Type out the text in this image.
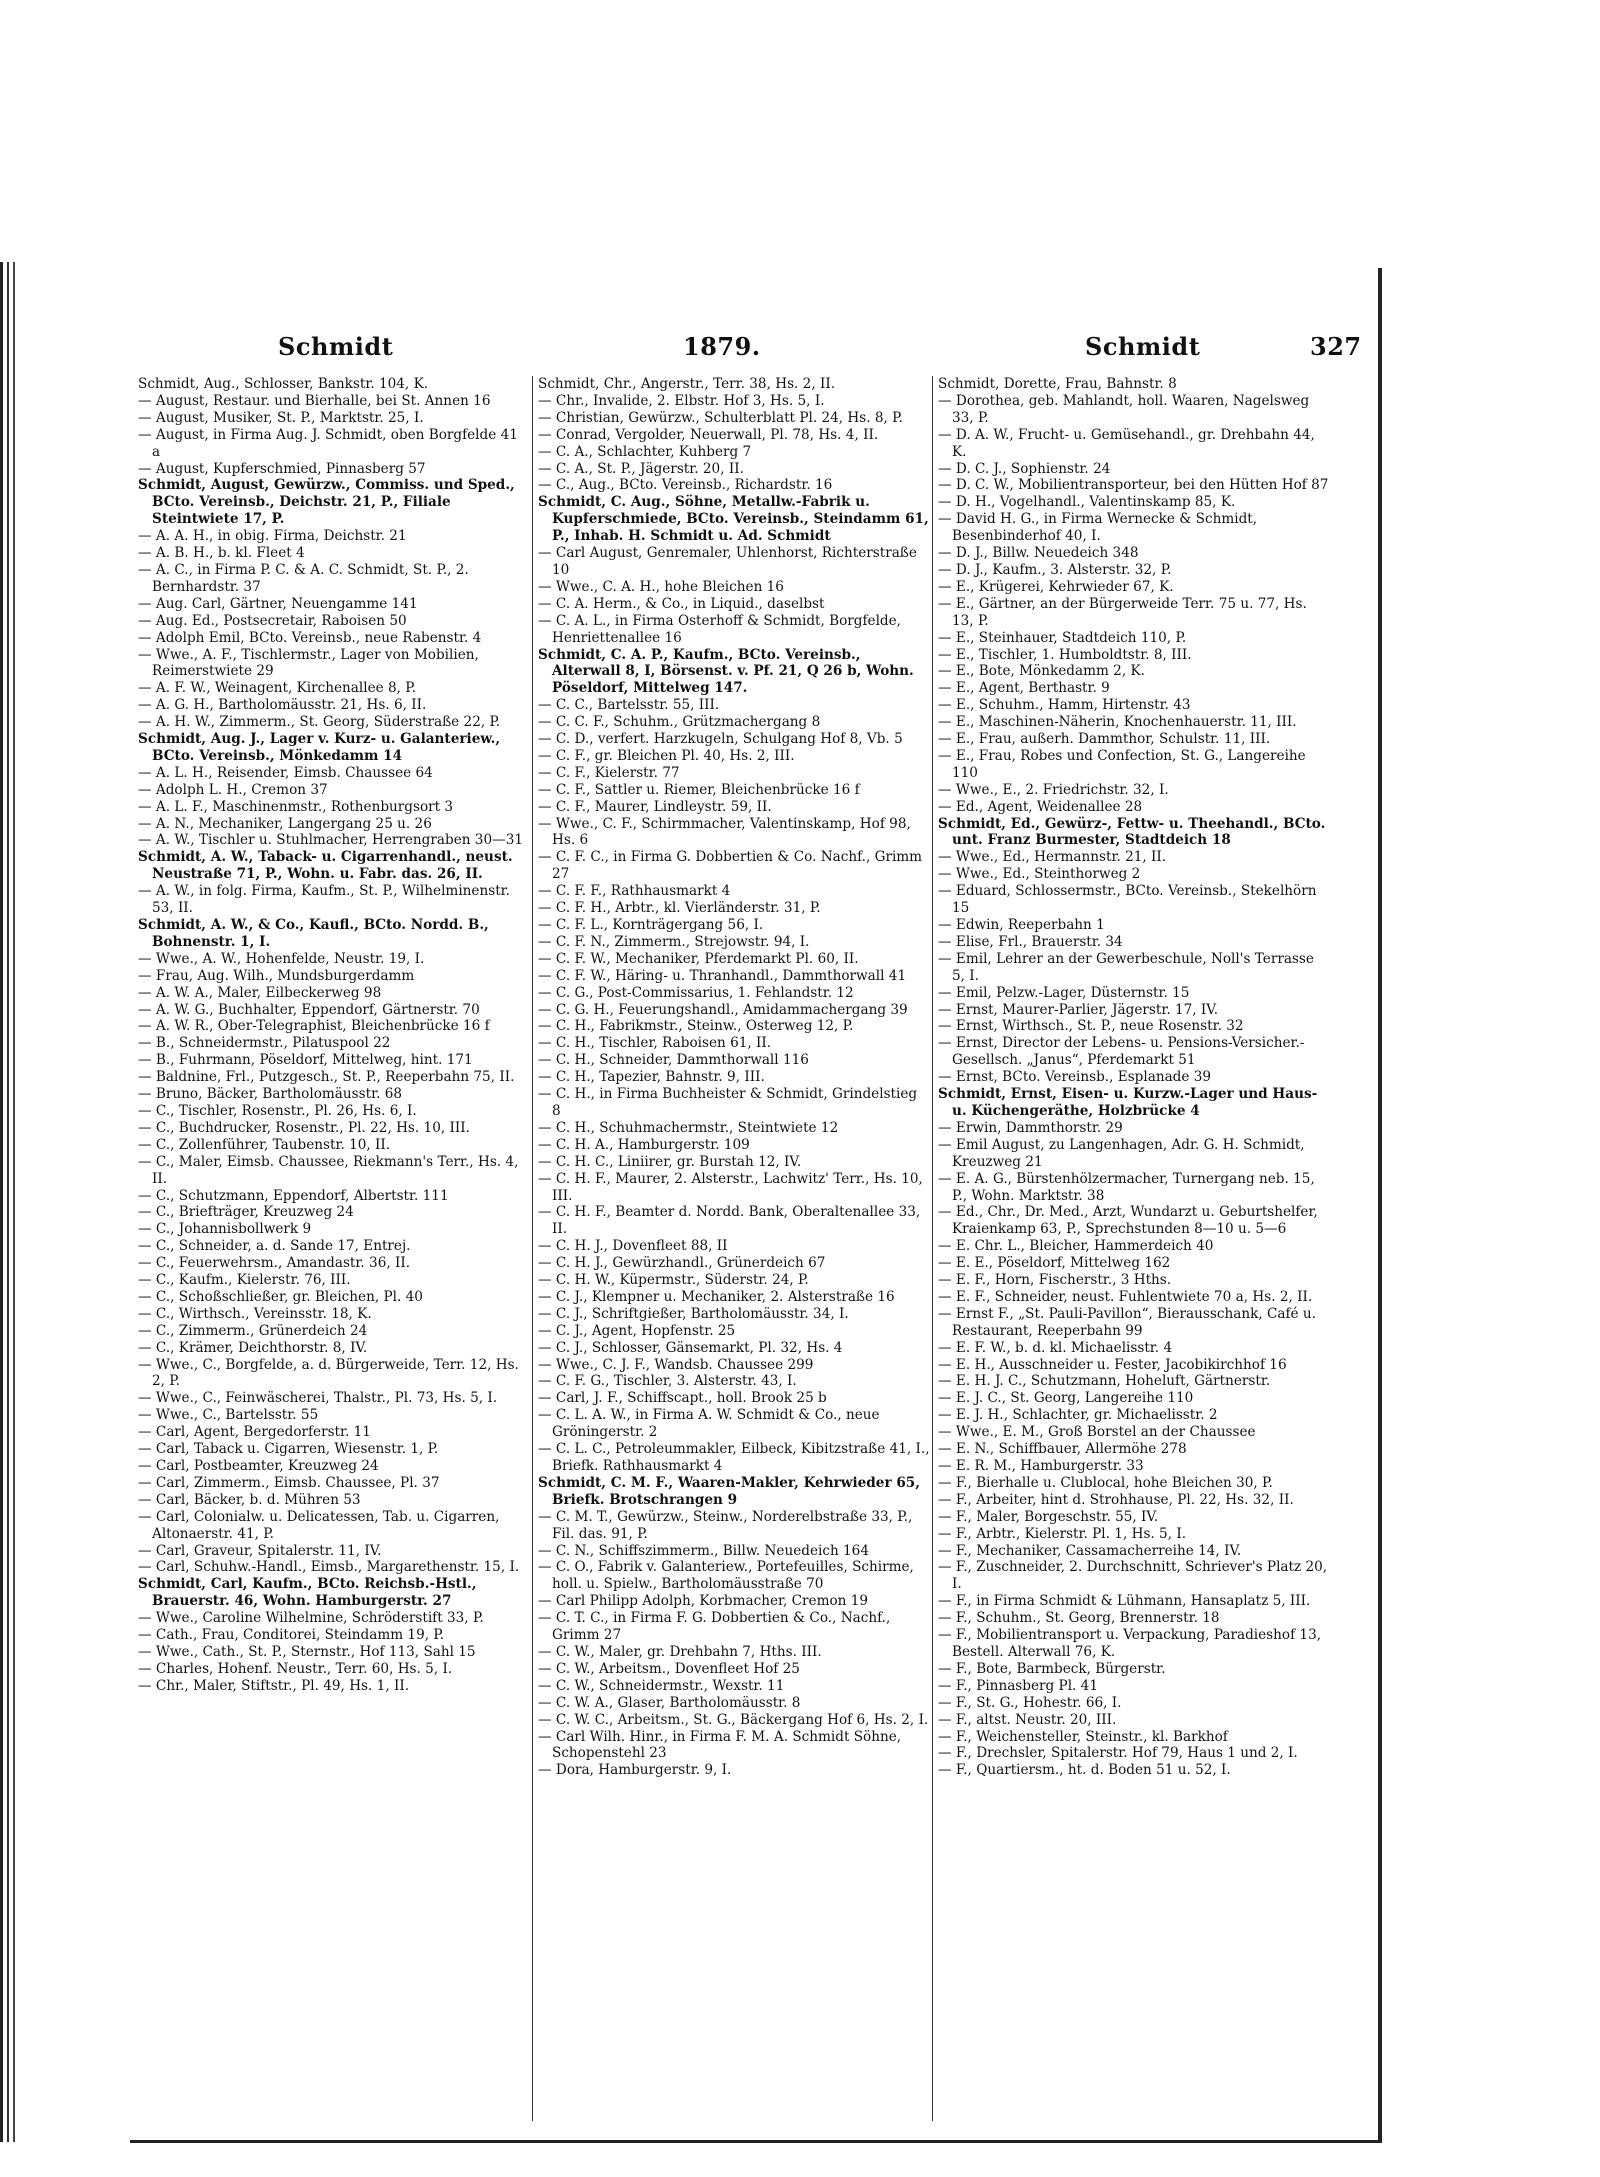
Schmidt	1879.	Schmidt	327
Schmidt, Aug., Schlosser, Bankstr. 104, K.
— August, Restaur. und Bierhalle, bei St. Annen 16
— August, Musiker, St. P., Marktstr. 25, I.
— August, in Firma Aug. J. Schmidt, oben Borgfelde 41 a
— August, Kupferschmied, Pinnasberg 57
Schmidt, August, Gewürzw., Commiss. und Sped., BCto. Vereinsb., Deichstr. 21, P., Filiale Steintwiete 17, P.
— A. A. H., in obig. Firma, Deichstr. 21
— A. B. H., b. kl. Fleet 4
— A. C., in Firma P. C. & A. C. Schmidt, St. P., 2. Bernhardstr. 37
— Aug. Carl, Gärtner, Neuengamme 141
— Aug. Ed., Postsecretair, Raboisen 50
— Adolph Emil, BCto. Vereinsb., neue Rabenstr. 4
— Wwe., A. F., Tischlermstr., Lager von Mobilien, Reimerstwiete 29
— A. F. W., Weinagent, Kirchenallee 8, P.
— A. G. H., Bartholomäusstr. 21, Hs. 6, II.
— A. H. W., Zimmerm., St. Georg, Süderstraße 22, P.
Schmidt, Aug. J., Lager v. Kurz- u. Galanteriew., BCto. Vereinsb., Mönkedamm 14
— A. L. H., Reisender, Eimsb. Chaussee 64
— Adolph L. H., Cremon 37
— A. L. F., Maschinenmstr., Rothenburgsort 3
— A. N., Mechaniker, Langergang 25 u. 26
— A. W., Tischler u. Stuhlmacher, Herrengraben 30—31
Schmidt, A. W., Taback- u. Cigarrenhandl., neust. Neustraße 71, P., Wohn. u. Fabr. das. 26, II.
— A. W., in folg. Firma, Kaufm., St. P., Wilhelminenstr. 53, II.
Schmidt, A. W., & Co., Kaufl., BCto. Nordd. B., Bohnenstr. 1, I.
— Wwe., A. W., Hohenfelde, Neustr. 19, I.
— Frau, Aug. Wilh., Mundsburgerdamm
— A. W. A., Maler, Eilbeckerweg 98
— A. W. G., Buchhalter, Eppendorf, Gärtnerstr. 70
— A. W. R., Ober-Telegraphist, Bleichenbrücke 16 f
— B., Schneidermstr., Pilatuspool 22
— B., Fuhrmann, Pöseldorf, Mittelweg, hint. 171
— Baldnine, Frl., Putzgesch., St. P., Reeperbahn 75, II.
— Bruno, Bäcker, Bartholomäusstr. 68
— C., Tischler, Rosenstr., Pl. 26, Hs. 6, I.
— C., Buchdrucker, Rosenstr., Pl. 22, Hs. 10, III.
— C., Zollenführer, Taubenstr. 10, II.
— C., Maler, Eimsb. Chaussee, Riekmann's Terr., Hs. 4, II.
— C., Schutzmann, Eppendorf, Albertstr. 111
— C., Briefträger, Kreuzweg 24
— C., Johannisbollwerk 9
— C., Schneider, a. d. Sande 17, Entrej.
— C., Feuerwehrsm., Amandastr. 36, II.
— C., Kaufm., Kielerstr. 76, III.
— C., Schoßschließer, gr. Bleichen, Pl. 40
— C., Wirthsch., Vereinsstr. 18, K.
— C., Zimmerm., Grünerdeich 24
— C., Krämer, Deichthorstr. 8, IV.
— Wwe., C., Borgfelde, a. d. Bürgerweide, Terr. 12, Hs. 2, P.
— Wwe., C., Feinwäscherei, Thalstr., Pl. 73, Hs. 5, I.
— Wwe., C., Bartelsstr. 55
— Carl, Agent, Bergedorferstr. 11
— Carl, Taback u. Cigarren, Wiesenstr. 1, P.
— Carl, Postbeamter, Kreuzweg 24
— Carl, Zimmerm., Eimsb. Chaussee, Pl. 37
— Carl, Bäcker, b. d. Mühren 53
— Carl, Colonialw. u. Delicatessen, Tab. u. Cigarren, Altonaerstr. 41, P.
— Carl, Graveur, Spitalerstr. 11, IV.
— Carl, Schuhw.-Handl., Eimsb., Margarethenstr. 15, I.
Schmidt, Carl, Kaufm., BCto. Reichsb.-Hstl., Brauerstr. 46, Wohn. Hamburgerstr. 27
— Wwe., Caroline Wilhelmine, Schröderstift 33, P.
— Cath., Frau, Conditorei, Steindamm 19, P.
— Wwe., Cath., St. P., Sternstr., Hof 113, Sahl 15
— Charles, Hohenf. Neustr., Terr. 60, Hs. 5, I.
— Chr., Maler, Stiftstr., Pl. 49, Hs. 1, II.
Schmidt, Chr., Angerstr., Terr. 38, Hs. 2, II.
— Chr., Invalide, 2. Elbstr. Hof 3, Hs. 5, I.
— Christian, Gewürzw., Schulterblatt Pl. 24, Hs. 8, P.
— Conrad, Vergolder, Neuerwall, Pl. 78, Hs. 4, II.
— C. A., Schlachter, Kuhberg 7
— C. A., St. P., Jägerstr. 20, II.
— C., Aug., BCto. Vereinsb., Richardstr. 16
Schmidt, C. Aug., Söhne, Metallw.-Fabrik u. Kupferschmiede, BCto. Vereinsb., Steindamm 61, P., Inhab. H. Schmidt u. Ad. Schmidt
— Carl August, Genremaler, Uhlenhorst, Richterstraße 10
— Wwe., C. A. H., hohe Bleichen 16
— C. A. Herm., & Co., in Liquid., daselbst
— C. A. L., in Firma Osterhoff & Schmidt, Borgfelde, Henriettenallee 16
Schmidt, C. A. P., Kaufm., BCto. Vereinsb., Alterwall 8, I, Börsenst. v. Pf. 21, Q 26 b, Wohn. Pöseldorf, Mittelweg 147.
— C. C., Bartelsstr. 55, III.
— C. C. F., Schuhm., Grützmachergang 8
— C. D., verfert. Harzkugeln, Schulgang Hof 8, Vb. 5
— C. F., gr. Bleichen Pl. 40, Hs. 2, III.
— C. F., Kielerstr. 77
— C. F., Sattler u. Riemer, Bleichenbrücke 16 f
— C. F., Maurer, Lindleystr. 59, II.
— Wwe., C. F., Schirmmacher, Valentinskamp, Hof 98, Hs. 6
— C. F. C., in Firma G. Dobbertien & Co. Nachf., Grimm 27
— C. F. F., Rathhausmarkt 4
— C. F. H., Arbtr., kl. Vierländerstr. 31, P.
— C. F. L., Kornträgergang 56, I.
— C. F. N., Zimmerm., Strejowstr. 94, I.
— C. F. W., Mechaniker, Pferdemarkt Pl. 60, II.
— C. F. W., Häring- u. Thranhandl., Dammthorwall 41
— C. G., Post-Commissarius, 1. Fehlandstr. 12
— C. G. H., Feuerungshandl., Amidammachergang 39
— C. H., Fabrikmstr., Steinw., Osterweg 12, P.
— C. H., Tischler, Raboisen 61, II.
— C. H., Schneider, Dammthorwall 116
— C. H., Tapezier, Bahnstr. 9, III.
— C. H., in Firma Buchheister & Schmidt, Grindelstieg 8
— C. H., Schuhmachermstr., Steintwiete 12
— C. H. A., Hamburgerstr. 109
— C. H. C., Liniirer, gr. Burstah 12, IV.
— C. H. F., Maurer, 2. Alsterstr., Lachwitz' Terr., Hs. 10, III.
— C. H. F., Beamter d. Nordd. Bank, Oberaltenallee 33, II.
— C. H. J., Dovenfleet 88, II
— C. H. J., Gewürzhandl., Grünerdeich 67
— C. H. W., Küpermstr., Süderstr. 24, P.
— C. J., Klempner u. Mechaniker, 2. Alsterstraße 16
— C. J., Schriftgießer, Bartholomäusstr. 34, I.
— C. J., Agent, Hopfenstr. 25
— C. J., Schlosser, Gänsemarkt, Pl. 32, Hs. 4
— Wwe., C. J. F., Wandsb. Chaussee 299
— C. F. G., Tischler, 3. Alsterstr. 43, I.
— Carl, J. F., Schiffscapt., holl. Brook 25 b
— C. L. A. W., in Firma A. W. Schmidt & Co., neue Gröningerstr. 2
— C. L. C., Petroleummakler, Eilbeck, Kibitzstraße 41, I., Briefk. Rathhausmarkt 4
Schmidt, C. M. F., Waaren-Makler, Kehrwieder 65, Briefk. Brotschrangen 9
— C. M. T., Gewürzw., Steinw., Norderelbstraße 33, P., Fil. das. 91, P.
— C. N., Schiffszimmerm., Billw. Neuedeich 164
— C. O., Fabrik v. Galanteriew., Portefeuilles, Schirme, holl. u. Spielw., Bartholomäusstraße 70
— Carl Philipp Adolph, Korbmacher, Cremon 19
— C. T. C., in Firma F. G. Dobbertien & Co., Nachf., Grimm 27
— C. W., Maler, gr. Drehbahn 7, Hths. III.
— C. W., Arbeitsm., Dovenfleet Hof 25
— C. W., Schneidermstr., Wexstr. 11
— C. W. A., Glaser, Bartholomäusstr. 8
— C. W. C., Arbeitsm., St. G., Bäckergang Hof 6, Hs. 2, I.
— Carl Wilh. Hinr., in Firma F. M. A. Schmidt Söhne, Schopenstehl 23
— Dora, Hamburgerstr. 9, I.
Schmidt, Dorette, Frau, Bahnstr. 8
— Dorothea, geb. Mahlandt, holl. Waaren, Nagelsweg 33, P.
— D. A. W., Frucht- u. Gemüsehandl., gr. Drehbahn 44, K.
— D. C. J., Sophienstr. 24
— D. C. W., Mobilientransporteur, bei den Hütten Hof 87
— D. H., Vogelhandl., Valentinskamp 85, K.
— David H. G., in Firma Wernecke & Schmidt, Besenbinderhof 40, I.
— D. J., Billw. Neuedeich 348
— D. J., Kaufm., 3. Alsterstr. 32, P.
— E., Krügerei, Kehrwieder 67, K.
— E., Gärtner, an der Bürgerweide Terr. 75 u. 77, Hs. 13, P.
— E., Steinhauer, Stadtdeich 110, P.
— E., Tischler, 1. Humboldtstr. 8, III.
— E., Bote, Mönkedamm 2, K.
— E., Agent, Berthastr. 9
— E., Schuhm., Hamm, Hirtenstr. 43
— E., Maschinen-Näherin, Knochenhauerstr. 11, III.
— E., Frau, außerh. Dammthor, Schulstr. 11, III.
— E., Frau, Robes und Confection, St. G., Langereihe 110
— Wwe., E., 2. Friedrichstr. 32, I.
— Ed., Agent, Weidenallee 28
Schmidt, Ed., Gewürz-, Fettw- u. Theehandl., BCto. unt. Franz Burmester, Stadtdeich 18
— Wwe., Ed., Hermannstr. 21, II.
— Wwe., Ed., Steinthorweg 2
— Eduard, Schlossermstr., BCto. Vereinsb., Stekelhörn 15
— Edwin, Reeperbahn 1
— Elise, Frl., Brauerstr. 34
— Emil, Lehrer an der Gewerbeschule, Noll's Terrasse 5, I.
— Emil, Pelzw.-Lager, Düsternstr. 15
— Ernst, Maurer-Parlier, Jägerstr. 17, IV.
— Ernst, Wirthsch., St. P., neue Rosenstr. 32
— Ernst, Director der Lebens- u. Pensions-Versicher.-Gesellsch. „Janus“, Pferdemarkt 51
— Ernst, BCto. Vereinsb., Esplanade 39
Schmidt, Ernst, Eisen- u. Kurzw.-Lager und Haus- u. Küchengeräthe, Holzbrücke 4
— Erwin, Dammthorstr. 29
— Emil August, zu Langenhagen, Adr. G. H. Schmidt, Kreuzweg 21
— E. A. G., Bürstenhölzermacher, Turnergang neb. 15, P., Wohn. Marktstr. 38
— Ed., Chr., Dr. Med., Arzt, Wundarzt u. Geburtshelfer, Kraienkamp 63, P., Sprechstunden 8—10 u. 5—6
— E. Chr. L., Bleicher, Hammerdeich 40
— E. E., Pöseldorf, Mittelweg 162
— E. F., Horn, Fischerstr., 3 Hths.
— E. F., Schneider, neust. Fuhlentwiete 70 a, Hs. 2, II.
— Ernst F., „St. Pauli-Pavillon“, Bierausschank, Café u. Restaurant, Reeperbahn 99
— E. F. W., b. d. kl. Michaelisstr. 4
— E. H., Ausschneider u. Fester, Jacobikirchhof 16
— E. H. J. C., Schutzmann, Hoheluft, Gärtnerstr.
— E. J. C., St. Georg, Langereihe 110
— E. J. H., Schlachter, gr. Michaelisstr. 2
— Wwe., E. M., Groß Borstel an der Chaussee
— E. N., Schiffbauer, Allermöhe 278
— E. R. M., Hamburgerstr. 33
— F., Bierhalle u. Clublocal, hohe Bleichen 30, P.
— F., Arbeiter, hint d. Strohhause, Pl. 22, Hs. 32, II.
— F., Maler, Borgeschstr. 55, IV.
— F., Arbtr., Kielerstr. Pl. 1, Hs. 5, I.
— F., Mechaniker, Cassamacherreihe 14, IV.
— F., Zuschneider, 2. Durchschnitt, Schriever's Platz 20, I.
— F., in Firma Schmidt & Lühmann, Hansaplatz 5, III.
— F., Schuhm., St. Georg, Brennerstr. 18
— F., Mobilientransport u. Verpackung, Paradieshof 13, Bestell. Alterwall 76, K.
— F., Bote, Barmbeck, Bürgerstr.
— F., Pinnasberg Pl. 41
— F., St. G., Hohestr. 66, I.
— F., altst. Neustr. 20, III.
— F., Weichensteller, Steinstr., kl. Barkhof
— F., Drechsler, Spitalerstr. Hof 79, Haus 1 und 2, I.
— F., Quartiersm., ht. d. Boden 51 u. 52, I.
